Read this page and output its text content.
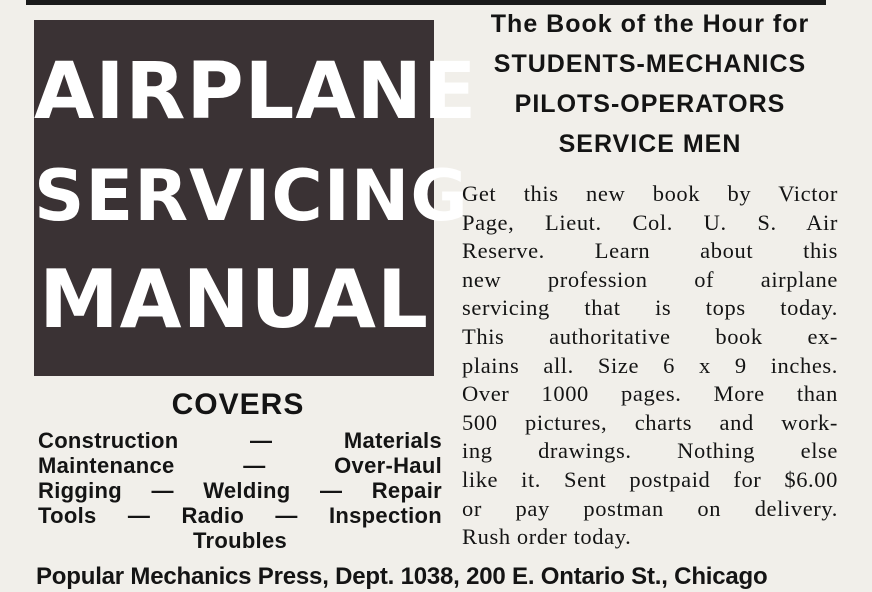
AIRPLANE
SERVICING
MANUAL
The Book of the Hour for
STUDENTS-MECHANICS
PILOTS-OPERATORS
SERVICE MEN
Get this new book by Victor
Page, Lieut. Col. U. S. Air
Reserve. Learn about this
new profession of airplane
servicing that is tops today.
This authoritative book ex-
plains all. Size 6 x 9 inches.
Over 1000 pages. More than
500 pictures, charts and work-
ing drawings. Nothing else
like it. Sent postpaid for $6.00
or pay postman on delivery.
Rush order today.
COVERS
Construction — Materials
Maintenance — Over-Haul
Rigging — Welding — Repair
Tools — Radio — Inspection
Troubles
Popular Mechanics Press, Dept. 1038, 200 E. Ontario St., Chicago
